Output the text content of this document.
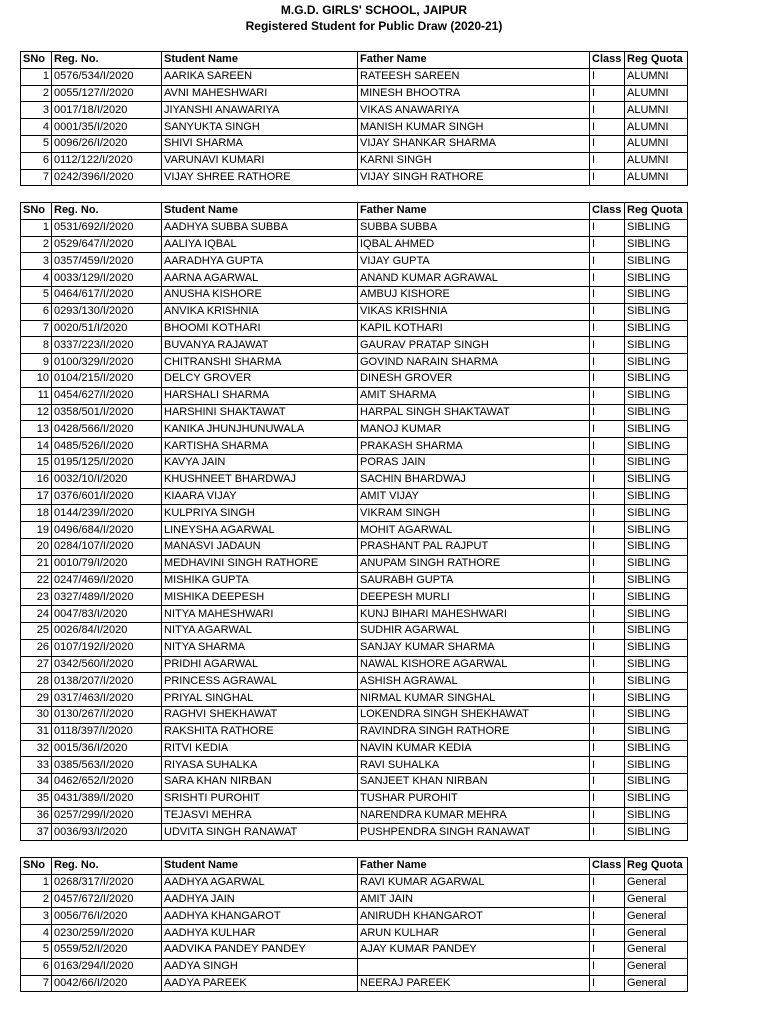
M.G.D. GIRLS' SCHOOL, JAIPUR
Registered Student for Public Draw (2020-21)
SNo	Reg. No.	Student Name	Father Name	Class	Reg Quota
1	0576/534/I/2020	AARIKA SAREEN	RATEESH SAREEN	I	ALUMNI
2	0055/127/I/2020	AVNI MAHESHWARI	MINESH BHOOTRA	I	ALUMNI
3	0017/18/I/2020	JIYANSHI ANAWARIYA	VIKAS ANAWARIYA	I	ALUMNI
4	0001/35/I/2020	SANYUKTA SINGH	MANISH KUMAR SINGH	I	ALUMNI
5	0096/26/I/2020	SHIVI SHARMA	VIJAY SHANKAR SHARMA	I	ALUMNI
6	0112/122/I/2020	VARUNAVI KUMARI	KARNI SINGH	I	ALUMNI
7	0242/396/I/2020	VIJAY SHREE RATHORE	VIJAY SINGH RATHORE	I	ALUMNI
SNo	Reg. No.	Student Name	Father Name	Class	Reg Quota
1	0531/692/I/2020	AADHYA SUBBA SUBBA	SUBBA SUBBA	I	SIBLING
2	0529/647/I/2020	AALIYA IQBAL	IQBAL AHMED	I	SIBLING
3	0357/459/I/2020	AARADHYA GUPTA	VIJAY GUPTA	I	SIBLING
4	0033/129/I/2020	AARNA AGARWAL	ANAND KUMAR AGRAWAL	I	SIBLING
5	0464/617/I/2020	ANUSHA KISHORE	AMBUJ KISHORE	I	SIBLING
6	0293/130/I/2020	ANVIKA KRISHNIA	VIKAS KRISHNIA	I	SIBLING
7	0020/51/I/2020	BHOOMI KOTHARI	KAPIL KOTHARI	I	SIBLING
8	0337/223/I/2020	BUVANYA RAJAWAT	GAURAV PRATAP SINGH	I	SIBLING
9	0100/329/I/2020	CHITRANSHI SHARMA	GOVIND NARAIN SHARMA	I	SIBLING
10	0104/215/I/2020	DELCY GROVER	DINESH GROVER	I	SIBLING
11	0454/627/I/2020	HARSHALI SHARMA	AMIT SHARMA	I	SIBLING
12	0358/501/I/2020	HARSHINI SHAKTAWAT	HARPAL SINGH SHAKTAWAT	I	SIBLING
13	0428/566/I/2020	KANIKA JHUNJHUNUWALA	MANOJ KUMAR	I	SIBLING
14	0485/526/I/2020	KARTISHA SHARMA	PRAKASH SHARMA	I	SIBLING
15	0195/125/I/2020	KAVYA JAIN	PORAS JAIN	I	SIBLING
16	0032/10/I/2020	KHUSHNEET BHARDWAJ	SACHIN BHARDWAJ	I	SIBLING
17	0376/601/I/2020	KIAARA VIJAY	AMIT VIJAY	I	SIBLING
18	0144/239/I/2020	KULPRIYA SINGH	VIKRAM SINGH	I	SIBLING
19	0496/684/I/2020	LINEYSHA AGARWAL	MOHIT AGARWAL	I	SIBLING
20	0284/107/I/2020	MANASVI JADAUN	PRASHANT PAL RAJPUT	I	SIBLING
21	0010/79/I/2020	MEDHAVINI SINGH RATHORE	ANUPAM SINGH RATHORE	I	SIBLING
22	0247/469/I/2020	MISHIKA GUPTA	SAURABH GUPTA	I	SIBLING
23	0327/489/I/2020	MISHIKA DEEPESH	DEEPESH MURLI	I	SIBLING
24	0047/83/I/2020	NITYA MAHESHWARI	KUNJ BIHARI MAHESHWARI	I	SIBLING
25	0026/84/I/2020	NITYA AGARWAL	SUDHIR AGARWAL	I	SIBLING
26	0107/192/I/2020	NITYA SHARMA	SANJAY KUMAR SHARMA	I	SIBLING
27	0342/560/I/2020	PRIDHI AGARWAL	NAWAL KISHORE AGARWAL	I	SIBLING
28	0138/207/I/2020	PRINCESS AGRAWAL	ASHISH AGRAWAL	I	SIBLING
29	0317/463/I/2020	PRIYAL SINGHAL	NIRMAL KUMAR SINGHAL	I	SIBLING
30	0130/267/I/2020	RAGHVI SHEKHAWAT	LOKENDRA SINGH SHEKHAWAT	I	SIBLING
31	0118/397/I/2020	RAKSHITA RATHORE	RAVINDRA SINGH RATHORE	I	SIBLING
32	0015/36/I/2020	RITVI KEDIA	NAVIN KUMAR KEDIA	I	SIBLING
33	0385/563/I/2020	RIYASA SUHALKA	RAVI SUHALKA	I	SIBLING
34	0462/652/I/2020	SARA KHAN NIRBAN	SANJEET KHAN NIRBAN	I	SIBLING
35	0431/389/I/2020	SRISHTI PUROHIT	TUSHAR PUROHIT	I	SIBLING
36	0257/299/I/2020	TEJASVI MEHRA	NARENDRA KUMAR MEHRA	I	SIBLING
37	0036/93/I/2020	UDVITA SINGH RANAWAT	PUSHPENDRA SINGH RANAWAT	I	SIBLING
SNo	Reg. No.	Student Name	Father Name	Class	Reg Quota
1	0268/317/I/2020	AADHYA AGARWAL	RAVI KUMAR AGARWAL	I	General
2	0457/672/I/2020	AADHYA JAIN	AMIT JAIN	I	General
3	0056/76/I/2020	AADHYA KHANGAROT	ANIRUDH KHANGAROT	I	General
4	0230/259/I/2020	AADHYA KULHAR	ARUN KULHAR	I	General
5	0559/52/I/2020	AADVIKA PANDEY PANDEY	AJAY KUMAR PANDEY	I	General
6	0163/294/I/2020	AADYA SINGH		I	General
7	0042/66/I/2020	AADYA PAREEK	NEERAJ PAREEK	I	General
